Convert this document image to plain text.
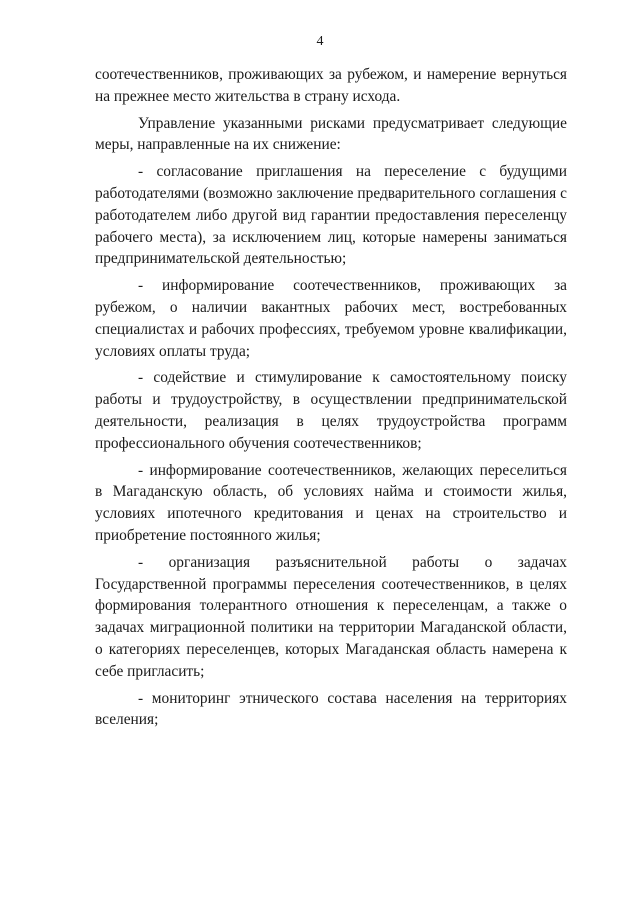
4

соотечественников, проживающих за рубежом, и намерение вернуться на прежнее место жительства в страну исхода.

Управление указанными рисками предусматривает следующие меры, направленные на их снижение:

- согласование приглашения на переселение с будущими работодателями (возможно заключение предварительного соглашения с работодателем либо другой вид гарантии предоставления переселенцу рабочего места), за исключением лиц, которые намерены заниматься предпринимательской деятельностью;

- информирование соотечественников, проживающих за рубежом, о наличии вакантных рабочих мест, востребованных специалистах и рабочих профессиях, требуемом уровне квалификации, условиях оплаты труда;

- содействие и стимулирование к самостоятельному поиску работы и трудоустройству, в осуществлении предпринимательской деятельности, реализация в целях трудоустройства программ профессионального обучения соотечественников;

- информирование соотечественников, желающих переселиться в Магаданскую область, об условиях найма и стоимости жилья, условиях ипотечного кредитования и ценах на строительство и приобретение постоянного жилья;

- организация разъяснительной работы о задачах Государственной программы переселения соотечественников, в целях формирования толерантного отношения к переселенцам, а также о задачах миграционной политики на территории Магаданской области, о категориях переселенцев, которых Магаданская область намерена к себе пригласить;

- мониторинг этнического состава населения на территориях вселения;
